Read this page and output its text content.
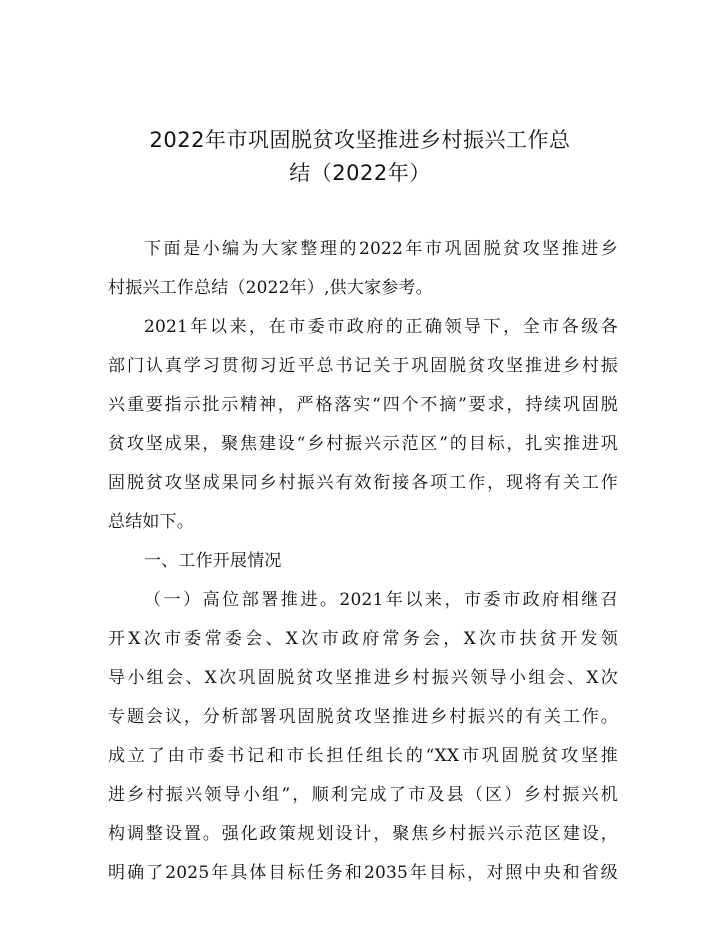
2022年市巩固脱贫攻坚推进乡村振兴工作总
结（2022年）
下面是小编为大家整理的2022年市巩固脱贫攻坚推进乡
村振兴工作总结（2022年）,供大家参考。
2021年以来，在市委市政府的正确领导下，全市各级各
部门认真学习贯彻习近平总书记关于巩固脱贫攻坚推进乡村振
兴重要指示批示精神，严格落实“四个不摘”要求，持续巩固脱
贫攻坚成果，聚焦建设“乡村振兴示范区”的目标，扎实推进巩
固脱贫攻坚成果同乡村振兴有效衔接各项工作，现将有关工作
总结如下。
一、工作开展情况
（一）高位部署推进。2021年以来，市委市政府相继召
开X次市委常委会、X次市政府常务会，X次市扶贫开发领
导小组会、X次巩固脱贫攻坚推进乡村振兴领导小组会、X次
专题会议，分析部署巩固脱贫攻坚推进乡村振兴的有关工作。
成立了由市委书记和市长担任组长的“XX市巩固脱贫攻坚推
进乡村振兴领导小组”，顺利完成了市及县（区）乡村振兴机
构调整设置。强化政策规划设计，聚焦乡村振兴示范区建设，
明确了2025年具体目标任务和2035年目标，对照中央和省级
